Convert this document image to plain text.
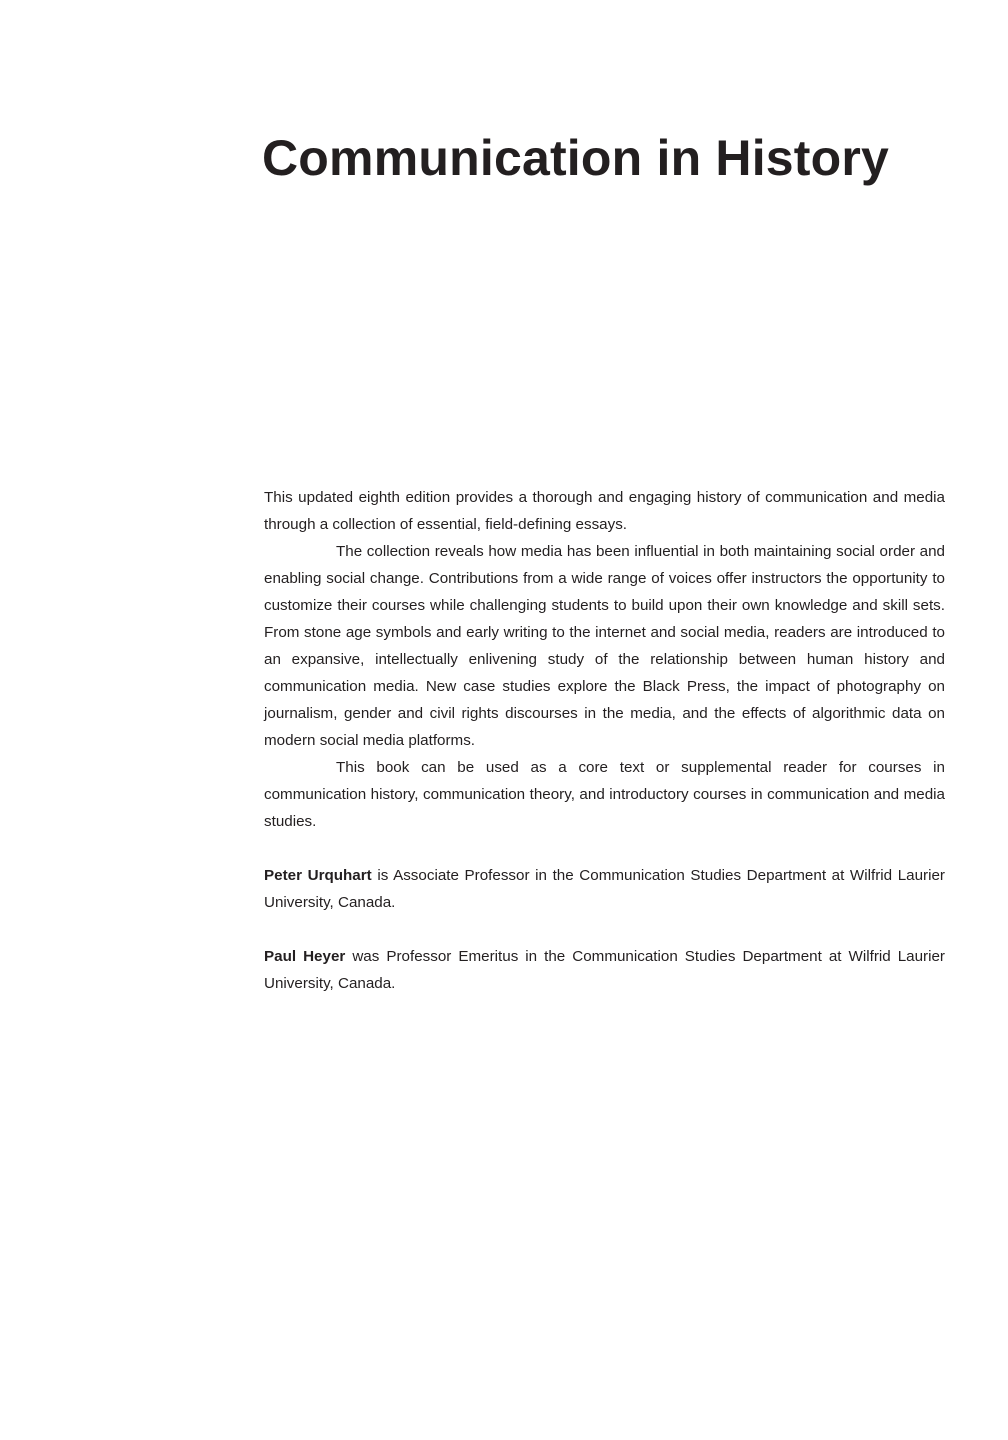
Communication in History

This updated eighth edition provides a thorough and engaging history of communication and media through a collection of essential, field-defining essays.

The collection reveals how media has been influential in both maintaining social order and enabling social change. Contributions from a wide range of voices offer instructors the opportunity to customize their courses while challenging students to build upon their own knowledge and skill sets. From stone age symbols and early writing to the internet and social media, readers are introduced to an expansive, intellectually enlivening study of the relationship between human history and communication media. New case studies explore the Black Press, the impact of photography on journalism, gender and civil rights discourses in the media, and the effects of algorithmic data on modern social media platforms.

This book can be used as a core text or supplemental reader for courses in communication history, communication theory, and introductory courses in communication and media studies.

Peter Urquhart is Associate Professor in the Communication Studies Department at Wilfrid Laurier University, Canada.

Paul Heyer was Professor Emeritus in the Communication Studies Department at Wilfrid Laurier University, Canada.
